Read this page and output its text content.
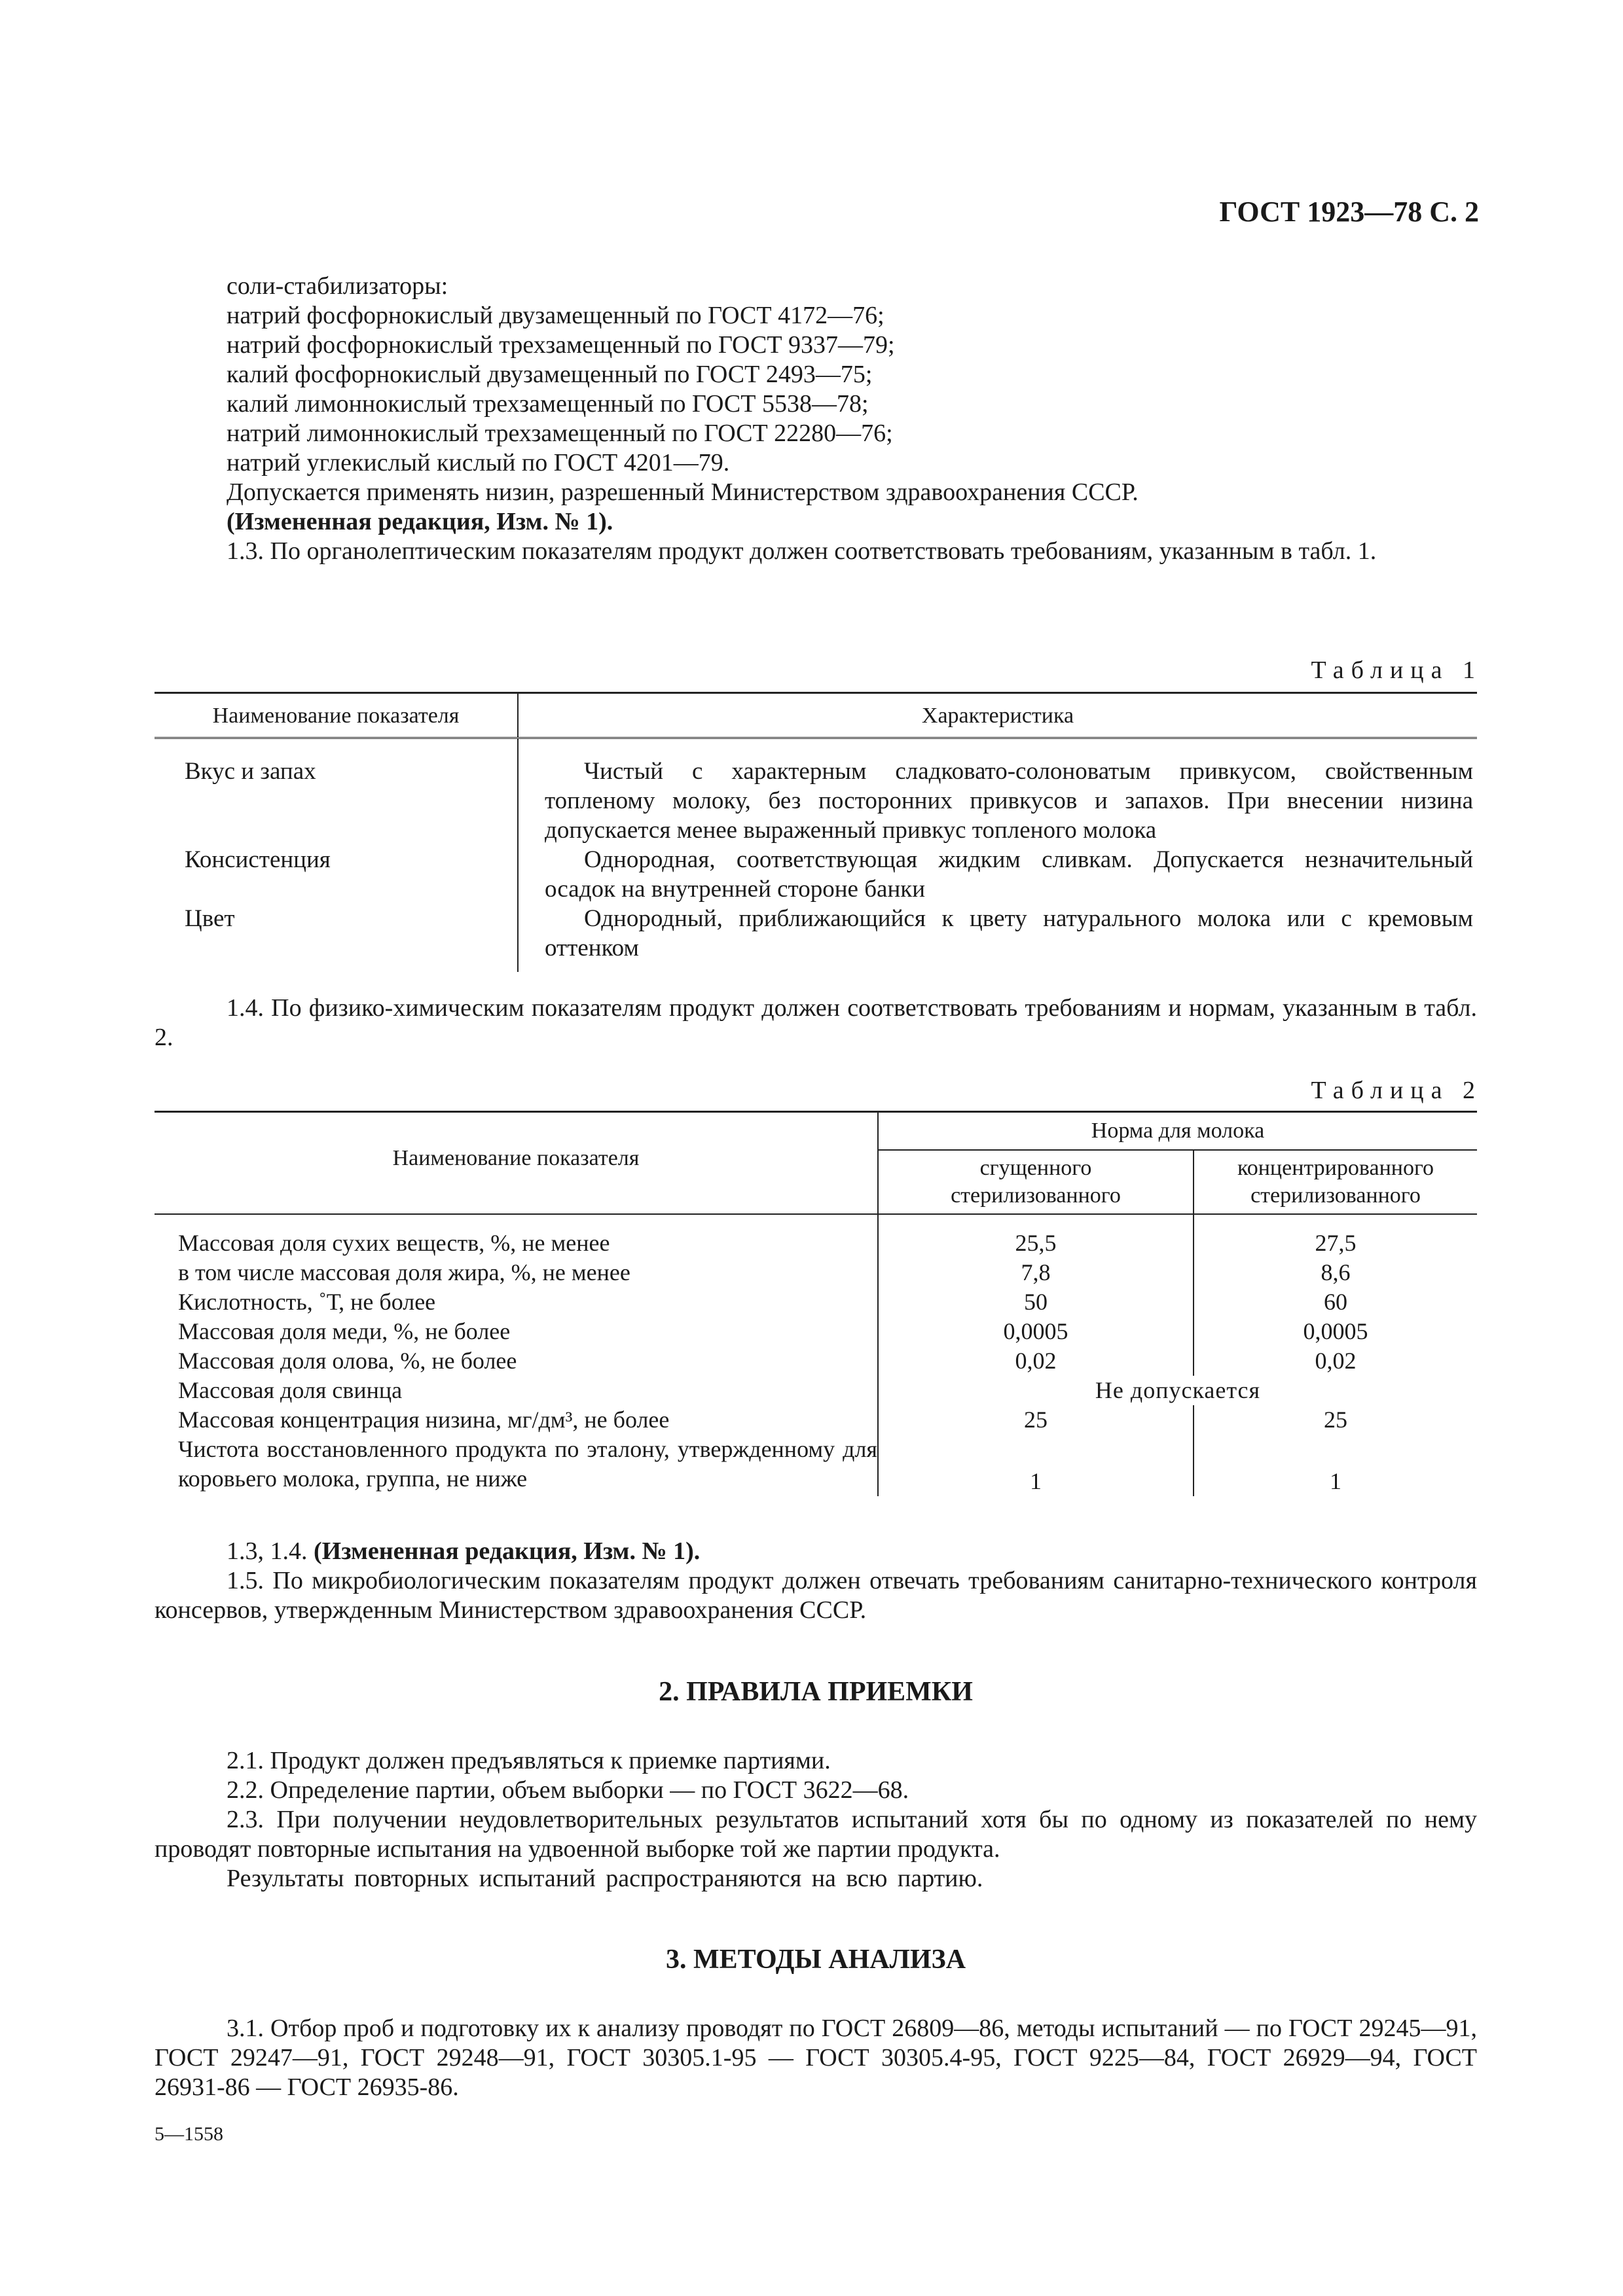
ГОСТ 1923—78 С. 2
соли-стабилизаторы:
натрий фосфорнокислый двузамещенный по ГОСТ 4172—76;
натрий фосфорнокислый трехзамещенный по ГОСТ 9337—79;
калий фосфорнокислый двузамещенный по ГОСТ 2493—75;
калий лимоннокислый трехзамещенный по ГОСТ 5538—78;
натрий лимоннокислый трехзамещенный по ГОСТ 22280—76;
натрий углекислый кислый по ГОСТ 4201—79.
Допускается применять низин, разрешенный Министерством здравоохранения СССР.
(Измененная редакция, Изм. № 1).
1.3. По органолептическим показателям продукт должен соответствовать требованиям, указанным в табл. 1.
Таблица 1
Наименование показателя	Характеристика

Вкус и запах	Чистый с характерным сладковато-солоноватым привкусом, свойственным топленому молоку, без посторонних привкусов и запахов. При внесении низина допускается менее выраженный привкус топленого молока
Консистенция	Однородная, соответствующая жидким сливкам. Допускается незначительный осадок на внутренней стороне банки
Цвет	Однородный, приближающийся к цвету натурального молока или с кремовым оттенком
1.4. По физико-химическим показателям продукт должен соответствовать требованиям и нормам, указанным в табл. 2.
Таблица 2
Наименование показателя	Норма для молока	
	сгущенного стерилизованного	концентрированного стерилизованного

Массовая доля сухих веществ, %, не менее	25,5	27,5
в том числе массовая доля жира, %, не менее	7,8	8,6
Кислотность, ˚Т, не более	50	60
Массовая доля меди, %, не более	0,0005	0,0005
Массовая доля олова, %, не более	0,02	0,02
Массовая доля свинца	Не допускается	
Массовая концентрация низина, мг/дм³, не более	25	25
Чистота восстановленного продукта по эталону, утвержденному для коровьего молока, группа, не ниже	1	1
1.3, 1.4. (Измененная редакция, Изм. № 1).
1.5. По микробиологическим показателям продукт должен отвечать требованиям санитарно-технического контроля консервов, утвержденным Министерством здравоохранения СССР.
2. ПРАВИЛА ПРИЕМКИ
2.1. Продукт должен предъявляться к приемке партиями.
2.2. Определение партии, объем выборки — по ГОСТ 3622—68.
2.3. При получении неудовлетворительных результатов испытаний хотя бы по одному из показателей по нему проводят повторные испытания на удвоенной выборке той же партии продукта.
Результаты повторных испытаний распространяются на всю партию.
3. МЕТОДЫ АНАЛИЗА
3.1. Отбор проб и подготовку их к анализу проводят по ГОСТ 26809—86, методы испытаний — по ГОСТ 29245—91, ГОСТ 29247—91, ГОСТ 29248—91, ГОСТ 30305.1-95 — ГОСТ 30305.4-95, ГОСТ 9225—84, ГОСТ 26929—94, ГОСТ 26931-86 — ГОСТ 26935-86.
5—1558
